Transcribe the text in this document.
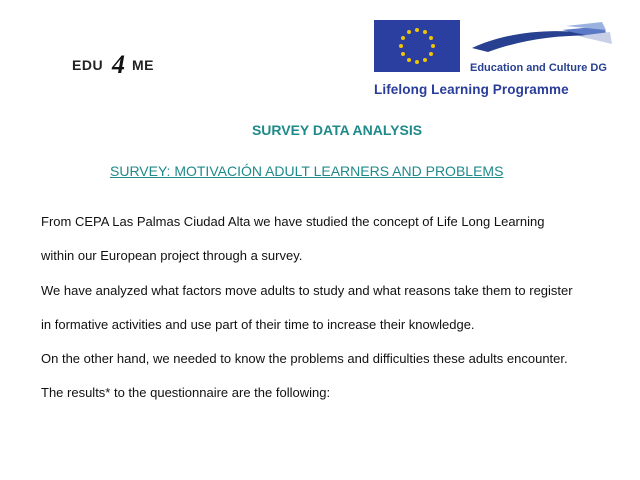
EDU 4 ME	Education and Culture DG
Lifelong Learning Programme
SURVEY DATA ANALYSIS
SURVEY: MOTIVACIÓN ADULT LEARNERS AND PROBLEMS
From CEPA Las Palmas Ciudad Alta we have studied the concept of Life Long Learning
within our European project through a survey.
We have analyzed what factors move adults to study and what reasons take them to register
in formative activities and use part of their time to increase their knowledge.
On the other hand, we needed to know the problems and difficulties these adults encounter.
The results* to the questionnaire are the following:
